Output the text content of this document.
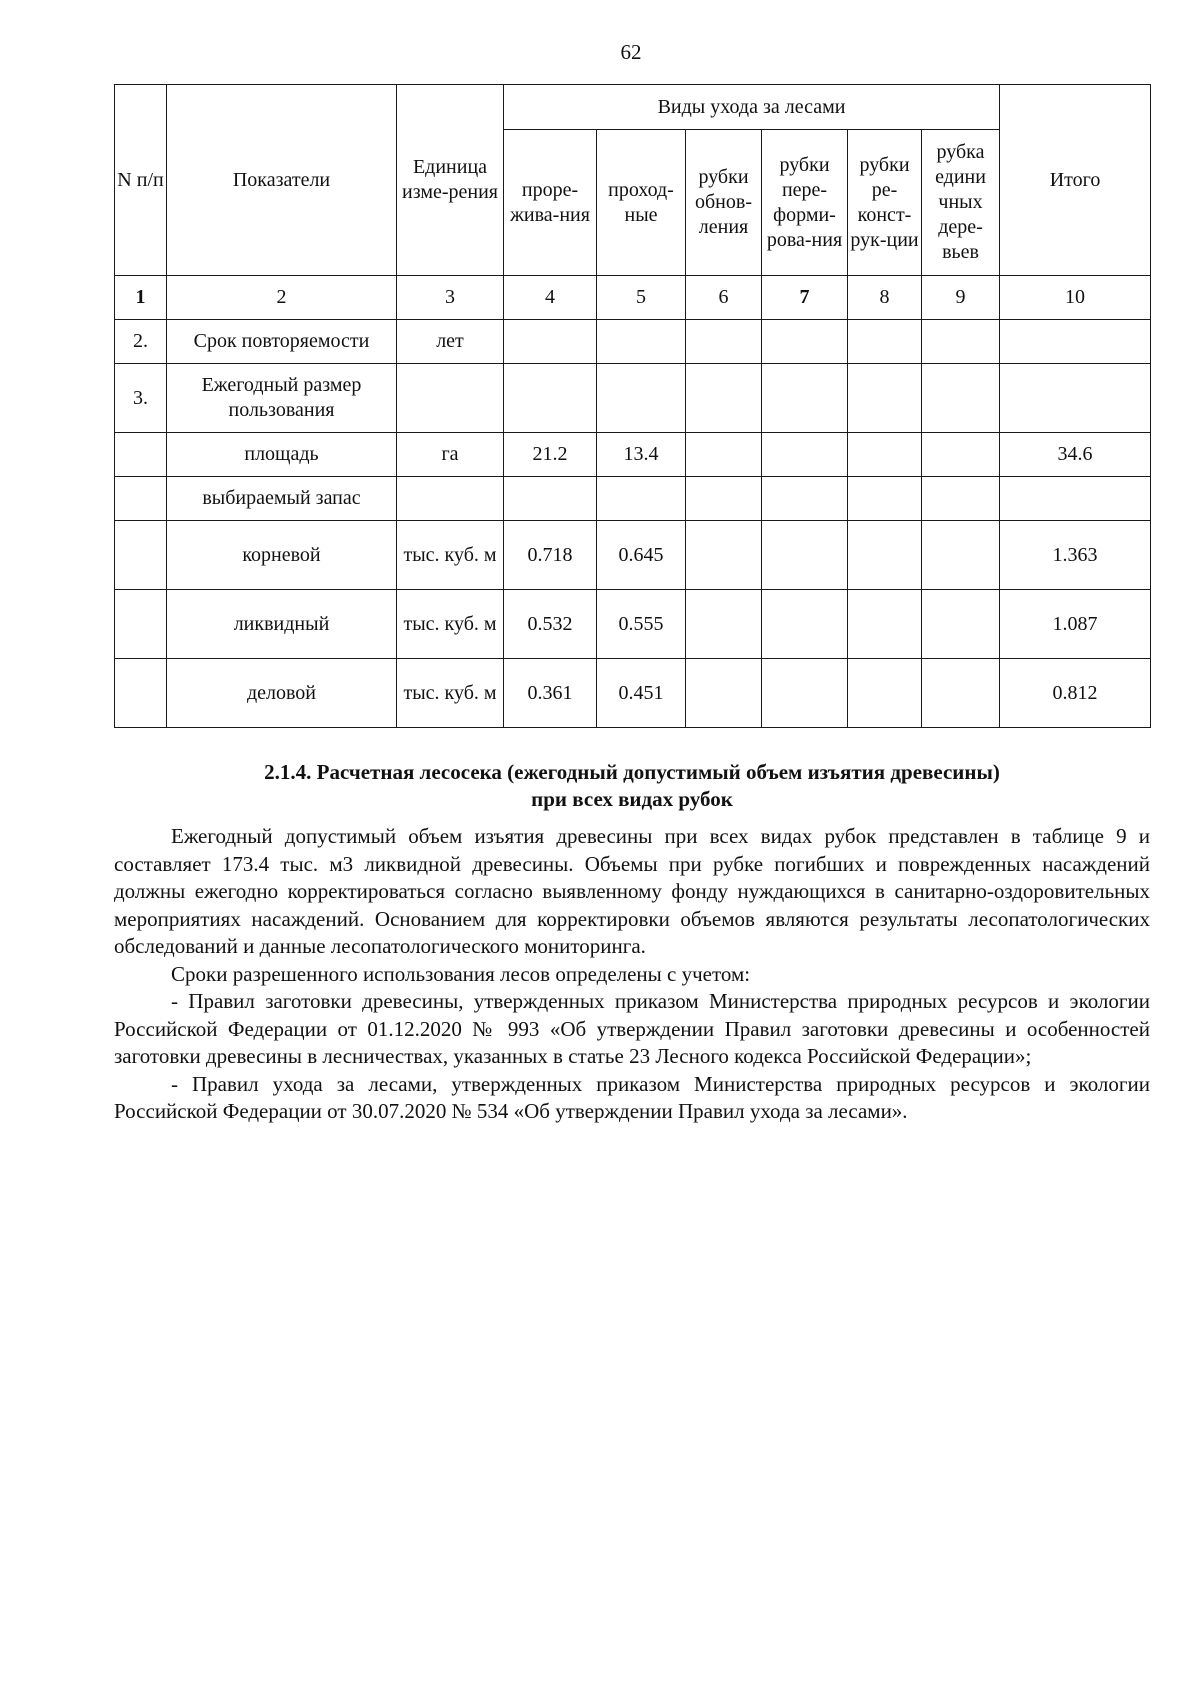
62
N п/п	Показатели	Единица изме-рения	Виды ухода за лесами						Итого
			проре-жива-ния	проход-ные	рубки обнов-ления	рубки пере-форми-рова-ния	рубки ре-конст-рук-ции	рубка едини чных дере-вьев	
1	2	3	4	5	6	7	8	9	10
2.	Срок повторяемости	лет							
3.	Ежегодный размер пользования								
	площадь	га	21.2	13.4					34.6
	выбираемый запас								
	корневой	тыс. куб. м	0.718	0.645					1.363
	ликвидный	тыс. куб. м	0.532	0.555					1.087
	деловой	тыс. куб. м	0.361	0.451					0.812
2.1.4. Расчетная лесосека (ежегодный допустимый объем изъятия древесины)
при всех видах рубок

Ежегодный допустимый объем изъятия древесины при всех видах рубок представлен в таблице 9 и составляет 173.4 тыс. м3 ликвидной древесины. Объемы при рубке погибших и поврежденных насаждений должны ежегодно корректироваться согласно выявленному фонду нуждающихся в санитарно-оздоровительных мероприятиях насаждений. Основанием для корректировки объемов являются результаты лесопатологических обследований и данные лесопатологического мониторинга.

Сроки разрешенного использования лесов определены с учетом:

- Правил заготовки древесины, утвержденных приказом Министерства природных ресурсов и экологии Российской Федерации от 01.12.2020 № 993 «Об утверждении Правил заготовки древесины и особенностей заготовки древесины в лесничествах, указанных в статье 23 Лесного кодекса Российской Федерации»;

- Правил ухода за лесами, утвержденных приказом Министерства природных ресурсов и экологии Российской Федерации от 30.07.2020 № 534 «Об утверждении Правил ухода за лесами».
